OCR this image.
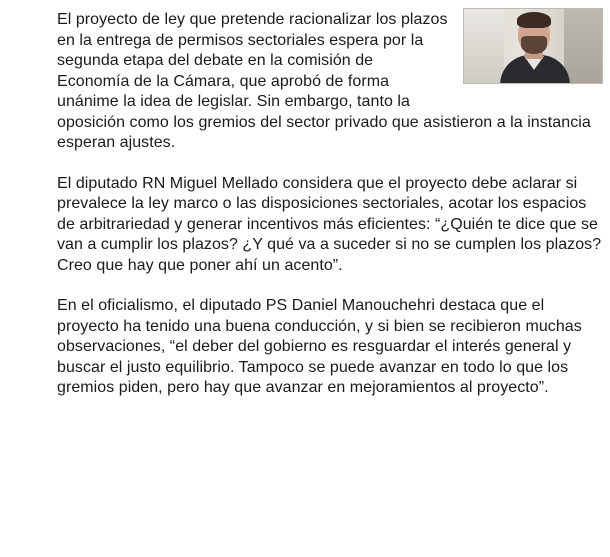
El proyecto de ley que pretende racionalizar los plazos en la entrega de permisos sectoriales espera por la segunda etapa del debate en la comisión de Economía de la Cámara, que aprobó de forma unánime la idea de legislar. Sin embargo, tanto la oposición como los gremios del sector privado que asistieron a la instancia esperan ajustes.

El diputado RN Miguel Mellado considera que el proyecto debe aclarar si prevalece la ley marco o las disposiciones sectoriales, acotar los espacios de arbitrariedad y generar incentivos más eficientes: “¿Quién te dice que se van a cumplir los plazos? ¿Y qué va a suceder si no se cumplen los plazos? Creo que hay que poner ahí un acento”.

En el oficialismo, el diputado PS Daniel Manouchehri destaca que el proyecto ha tenido una buena conducción, y si bien se recibieron muchas observaciones, “el deber del gobierno es resguardar el interés general y buscar el justo equilibrio. Tampoco se puede avanzar en todo lo que los gremios piden, pero hay que avanzar en mejoramientos al proyecto”.
